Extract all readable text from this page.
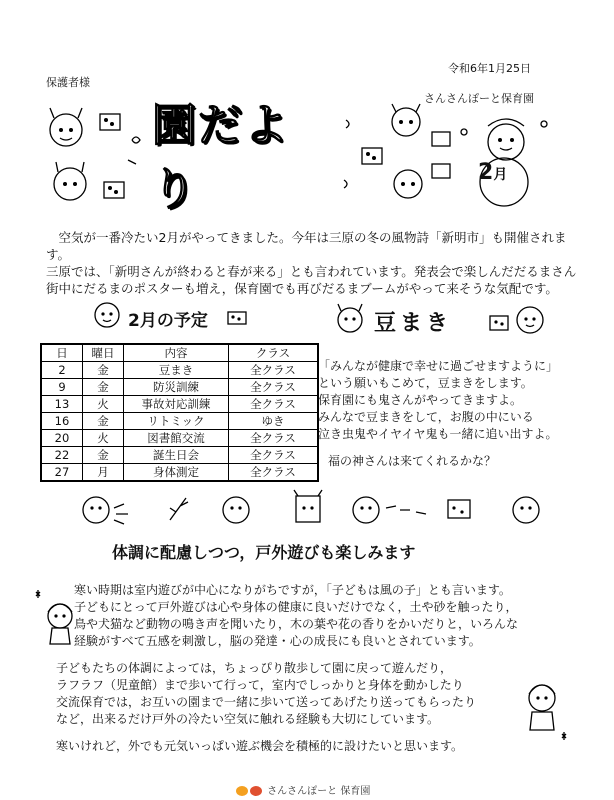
令和6年1月25日
保護者様
さんさんぽーと保育園
園だより	2月

　空気が一番冷たい2月がやってきました。今年は三原の冬の風物詩「新明市」も開催されます。

三原では、「新明さんが終わると春が来る」とも言われています。発表会で楽しんだだるまさん

街中にだるまのポスターも増え，保育園でも再びだるまブームがやって来そうな気配です。

2月の予定
日	曜日	内容	クラス
2	金	豆まき	全クラス
9	金	防災訓練	全クラス
13	火	事故対応訓練	全クラス
16	金	リトミック	ゆき
20	火	図書館交流	全クラス
22	金	誕生日会	全クラス
27	月	身体測定	全クラス
豆まき

「みんなが健康で幸せに過ごせますように」

という願いもこめて，豆まきをします。

保育園にも鬼さんがやってきますよ。

みんなで豆まきをして，お腹の中にいる

泣き虫鬼やイヤイヤ鬼も一緒に追い出すよ。

福の神さんは来てくれるかな？

体調に配慮しつつ，戸外遊びも楽しみます

寒い時期は室内遊びが中心になりがちですが，「子どもは風の子」とも言います。
子どもにとって戸外遊びは心や身体の健康に良いだけでなく，土や砂を触ったり，
鳥や犬猫など動物の鳴き声を聞いたり，木の葉や花の香りをかいだりと，いろんな
経験がすべて五感を刺激し，脳の発達・心の成長にも良いとされています。

子どもたちの体調によっては，ちょっぴり散歩して園に戻って遊んだり，
ラフラフ（児童館）まで歩いて行って，室内でしっかりと身体を動かしたり
交流保育では，お互いの園まで一緒に歩いて送ってあげたり送ってもらったり
など，出来るだけ戸外の冷たい空気に触れる経験も大切にしています。

寒いけれど，外でも元気いっぱい遊ぶ機会を積極的に設けたいと思います。

さんさんぽーと 保育園
